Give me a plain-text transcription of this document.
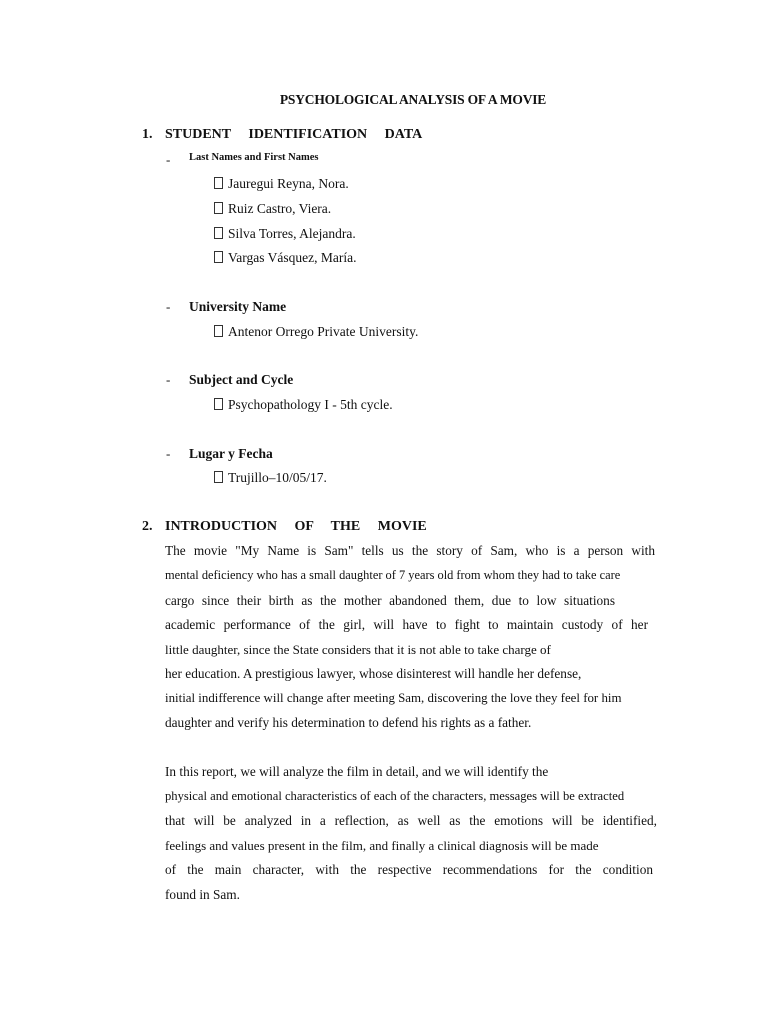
PSYCHOLOGICAL ANALYSIS OF A MOVIE
1. STUDENT IDENTIFICATION DATA
- Last Names and First Names
Jauregui Reyna, Nora.
Ruiz Castro, Viera.
Silva Torres, Alejandra.
Vargas Vásquez, María.
- University Name
Antenor Orrego Private University.
- Subject and Cycle
Psychopathology I - 5th cycle.
- Lugar y Fecha
Trujillo–10/05/17.
2. INTRODUCTION OF THE MOVIE
The movie "My Name is Sam" tells us the story of Sam, who is a person with
mental deficiency who has a small daughter of 7 years old from whom they had to take care
cargo since their birth as the mother abandoned them, due to low situations
academic performance of the girl, will have to fight to maintain custody of her
little daughter, since the State considers that it is not able to take charge of
her education. A prestigious lawyer, whose disinterest will handle her defense,
initial indifference will change after meeting Sam, discovering the love they feel for him
daughter and verify his determination to defend his rights as a father.
In this report, we will analyze the film in detail, and we will identify the
physical and emotional characteristics of each of the characters, messages will be extracted
that will be analyzed in a reflection, as well as the emotions will be identified,
feelings and values present in the film, and finally a clinical diagnosis will be made
of the main character, with the respective recommendations for the condition
found in Sam.
